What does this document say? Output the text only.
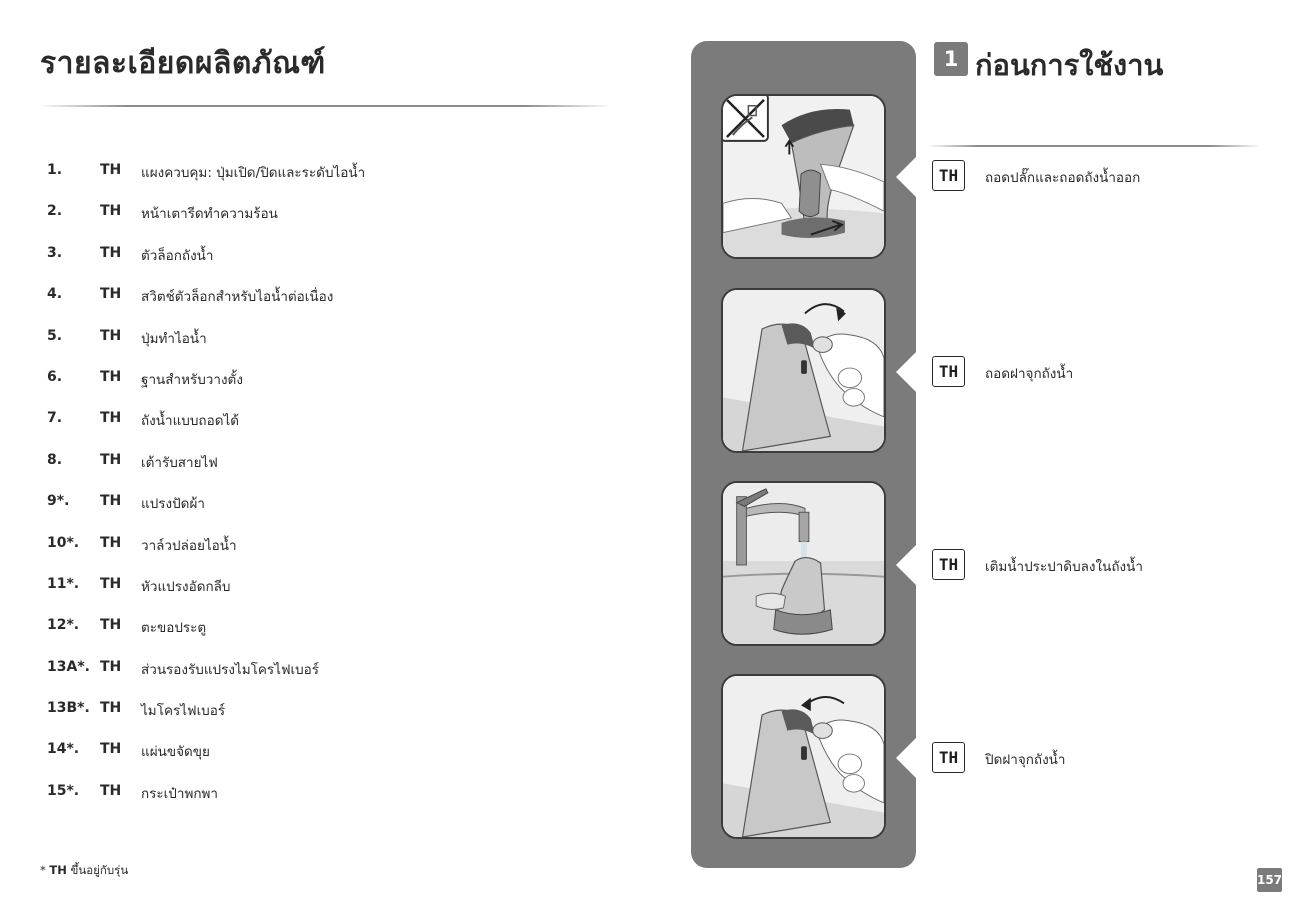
รายละเอียดผลิตภัณฑ์
1.	TH แผงควบคุม: ปุ่มเปิด/ปิดและระดับไอน้ำ
2.	TH หน้าเตารีดทำความร้อน
3.	TH ตัวล็อกถังน้ำ
4.	TH สวิตช์ตัวล็อกสำหรับไอน้ำต่อเนื่อง
5.	TH ปุ่มทำไอน้ำ
6.	TH ฐานสำหรับวางตั้ง
7.	TH ถังน้ำแบบถอดได้
8.	TH เต้ารับสายไฟ
9*. TH แปรงปัดผ้า
10*. TH วาล์วปล่อยไอน้ำ
11*. TH หัวแปรงอัดกลีบ
12*. TH ตะขอประตู
13A*. TH ส่วนรองรับแปรงไมโครไฟเบอร์
13B*. TH ไมโครไฟเบอร์
14*. TH แผ่นขจัดขุย
15*. TH กระเป๋าพกพา
* TH ขึ้นอยู่กับรุ่น
1 ก่อนการใช้งาน
TH	ถอดปลั๊กและถอดถังน้ำออก
TH	ถอดฝาจุกถังน้ำ
TH	เติมน้ำประปาดิบลงในถังน้ำ
TH	ปิดฝาจุกถังน้ำ
157
